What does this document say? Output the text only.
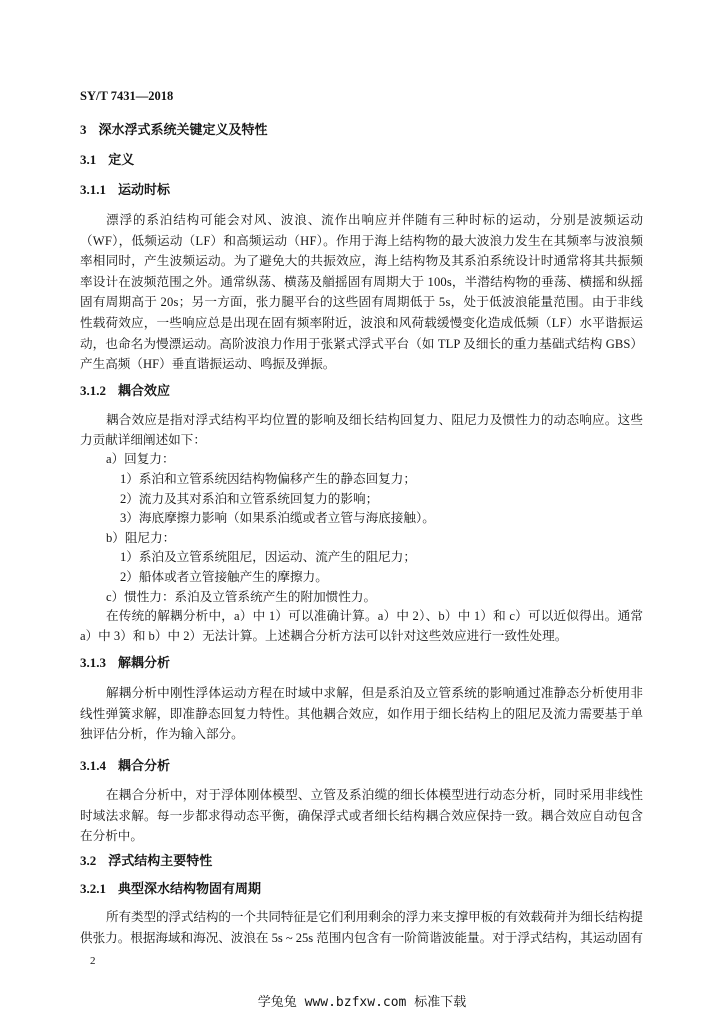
SY/T 7431—2018
3 深水浮式系统关键定义及特性
3.1 定义
3.1.1 运动时标
漂浮的系泊结构可能会对风、波浪、流作出响应并伴随有三种时标的运动，分别是波频运动
（WF），低频运动（LF）和高频运动（HF）。作用于海上结构物的最大波浪力发生在其频率与波浪频
率相同时，产生波频运动。为了避免大的共振效应，海上结构物及其系泊系统设计时通常将其共振频
率设计在波频范围之外。通常纵荡、横荡及艏摇固有周期大于 100s，半潜结构物的垂荡、横摇和纵摇
固有周期高于 20s；另一方面，张力腿平台的这些固有周期低于 5s，处于低波浪能量范围。由于非线
性载荷效应，一些响应总是出现在固有频率附近，波浪和风荷载缓慢变化造成低频（LF）水平谐振运
动，也命名为慢漂运动。高阶波浪力作用于张紧式浮式平台（如 TLP 及细长的重力基础式结构 GBS）
产生高频（HF）垂直谐振运动、鸣振及弹振。
3.1.2 耦合效应
耦合效应是指对浮式结构平均位置的影响及细长结构回复力、阻尼力及惯性力的动态响应。这些
力贡献详细阐述如下：
a）回复力：
1）系泊和立管系统因结构物偏移产生的静态回复力；
2）流力及其对系泊和立管系统回复力的影响；
3）海底摩擦力影响（如果系泊缆或者立管与海底接触）。
b）阻尼力：
1）系泊及立管系统阻尼，因运动、流产生的阻尼力；
2）船体或者立管接触产生的摩擦力。
c）惯性力：系泊及立管系统产生的附加惯性力。
在传统的解耦分析中，a）中 1）可以准确计算。a）中 2）、b）中 1）和 c）可以近似得出。通常
a）中 3）和 b）中 2）无法计算。上述耦合分析方法可以针对这些效应进行一致性处理。
3.1.3 解耦分析
解耦分析中刚性浮体运动方程在时域中求解，但是系泊及立管系统的影响通过准静态分析使用非
线性弹簧求解，即准静态回复力特性。其他耦合效应，如作用于细长结构上的阻尼及流力需要基于单
独评估分析，作为输入部分。
3.1.4 耦合分析
在耦合分析中，对于浮体刚体模型、立管及系泊缆的细长体模型进行动态分析，同时采用非线性
时域法求解。每一步都求得动态平衡，确保浮式或者细长结构耦合效应保持一致。耦合效应自动包含
在分析中。
3.2 浮式结构主要特性
3.2.1 典型深水结构物固有周期
所有类型的浮式结构的一个共同特征是它们利用剩余的浮力来支撑甲板的有效载荷并为细长结构提
供张力。根据海域和海况、波浪在 5s ~ 25s 范围内包含有一阶简谐波能量。对于浮式结构，其运动固有
2
学兔兔 www.bzfxw.com 标准下载
